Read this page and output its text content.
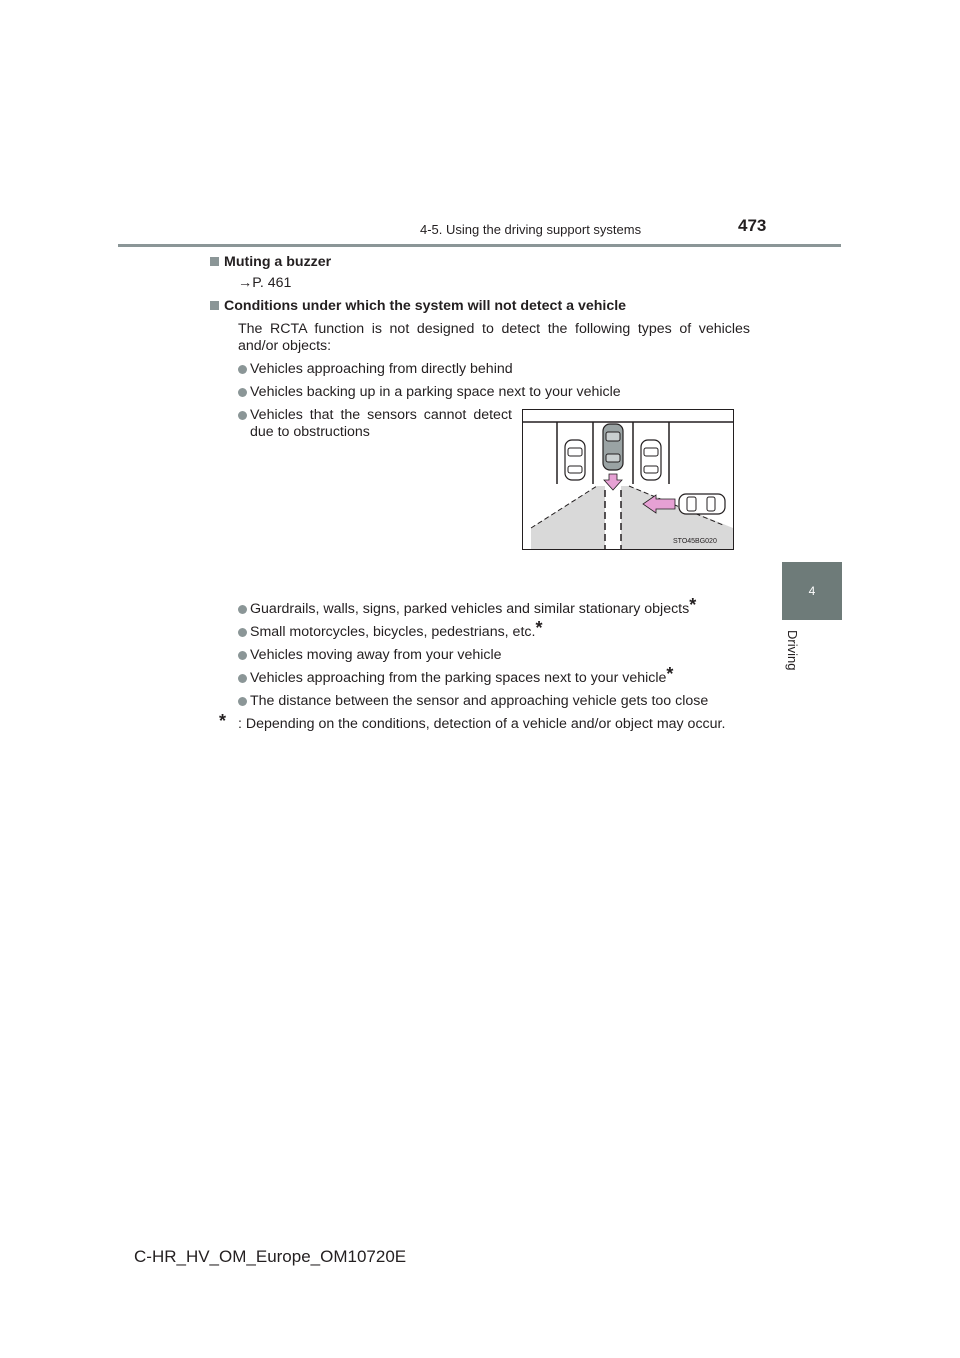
4-5. Using the driving support systems	473
4
Driving

Muting a buzzer

→P. 461

Conditions under which the system will not detect a vehicle

The RCTA function is not designed to detect the following types of vehicles and/or objects:

Vehicles approaching from directly behind
Vehicles backing up in a parking space next to your vehicle
Vehicles that the sensors cannot detect due to obstructions
Guardrails, walls, signs, parked vehicles and similar stationary objects*
Small motorcycles, bicycles, pedestrians, etc.*
Vehicles moving away from your vehicle
Vehicles approaching from the parking spaces next to your vehicle*
The distance between the sensor and approaching vehicle gets too close
* : Depending on the conditions, detection of a vehicle and/or object may occur.
STO45BG020
C-HR_HV_OM_Europe_OM10720E
